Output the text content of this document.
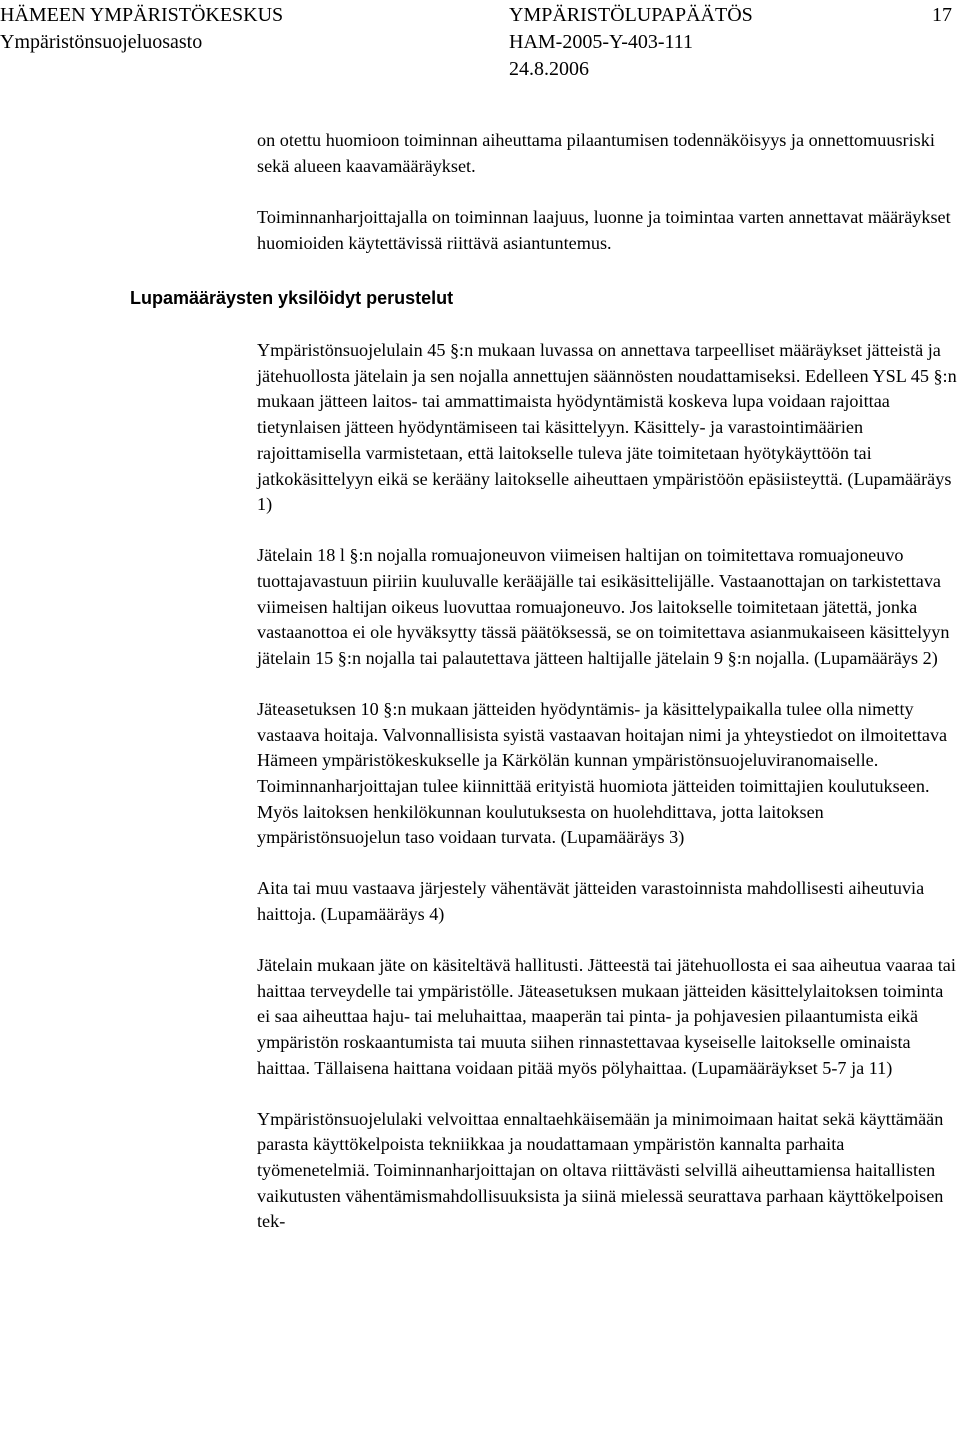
HÄMEEN YMPÄRISTÖKESKUS
Ympäristönsuojeluosasto
YMPÄRISTÖLUPAPÄÄTÖS
HAM-2005-Y-403-111
24.8.2006
17

on otettu huomioon toiminnan aiheuttama pilaantumisen todennäköisyys ja onnettomuusriski sekä alueen kaavamääräykset.

Toiminnanharjoittajalla on toiminnan laajuus, luonne ja toimintaa varten annettavat määräykset huomioiden käytettävissä riittävä asiantuntemus.

Lupamääräysten yksilöidyt perustelut

Ympäristönsuojelulain 45 §:n mukaan luvassa on annettava tarpeelliset määräykset jätteistä ja jätehuollosta jätelain ja sen nojalla annettujen säännösten noudattamiseksi. Edelleen YSL 45 §:n mukaan jätteen laitos- tai ammattimaista hyödyntämistä koskeva lupa voidaan rajoittaa tietynlaisen jätteen hyödyntämiseen tai käsittelyyn. Käsittely- ja varastointimäärien rajoittamisella varmistetaan, että laitokselle tuleva jäte toimitetaan hyötykäyttöön tai jatkokäsittelyyn eikä se kerääny laitokselle aiheuttaen ympäristöön epäsiisteyttä. (Lupamääräys 1)

Jätelain 18 l §:n nojalla romuajoneuvon viimeisen haltijan on toimitettava romuajoneuvo tuottajavastuun piiriin kuuluvalle kerääjälle tai esikäsittelijälle. Vastaanottajan on tarkistettava viimeisen haltijan oikeus luovuttaa romuajoneuvo. Jos laitokselle toimitetaan jätettä, jonka vastaanottoa ei ole hyväksytty tässä päätöksessä, se on toimitettava asianmukaiseen käsittelyyn jätelain 15 §:n nojalla tai palautettava jätteen haltijalle jätelain 9 §:n nojalla. (Lupamääräys 2)

Jäteasetuksen 10 §:n mukaan jätteiden hyödyntämis- ja käsittelypaikalla tulee olla nimetty vastaava hoitaja. Valvonnallisista syistä vastaavan hoitajan nimi ja yhteystiedot on ilmoitettava Hämeen ympäristökeskukselle ja Kärkölän kunnan ympäristönsuojeluviranomaiselle. Toiminnanharjoittajan tulee kiinnittää erityistä huomiota jätteiden toimittajien koulutukseen. Myös laitoksen henkilökunnan koulutuksesta on huolehdittava, jotta laitoksen ympäristönsuojelun taso voidaan turvata. (Lupamääräys 3)

Aita tai muu vastaava järjestely vähentävät jätteiden varastoinnista mahdollisesti aiheutuvia haittoja. (Lupamääräys 4)

Jätelain mukaan jäte on käsiteltävä hallitusti. Jätteestä tai jätehuollosta ei saa aiheutua vaaraa tai haittaa terveydelle tai ympäristölle. Jäteasetuksen mukaan jätteiden käsittelylaitoksen toiminta ei saa aiheuttaa haju- tai meluhaittaa, maaperän tai pinta- ja pohjavesien pilaantumista eikä ympäristön roskaantumista tai muuta siihen rinnastettavaa kyseiselle laitokselle ominaista haittaa. Tällaisena haittana voidaan pitää myös pölyhaittaa. (Lupamääräykset 5-7 ja 11)

Ympäristönsuojelulaki velvoittaa ennaltaehkäisemään ja minimoimaan haitat sekä käyttämään parasta käyttökelpoista tekniikkaa ja noudattamaan ympäristön kannalta parhaita työmenetelmiä. Toiminnanharjoittajan on oltava riittävästi selvillä aiheuttamiensa haitallisten vaikutusten vähentämismahdollisuuksista ja siinä mielessä seurattava parhaan käyttökelpoisen tek-
